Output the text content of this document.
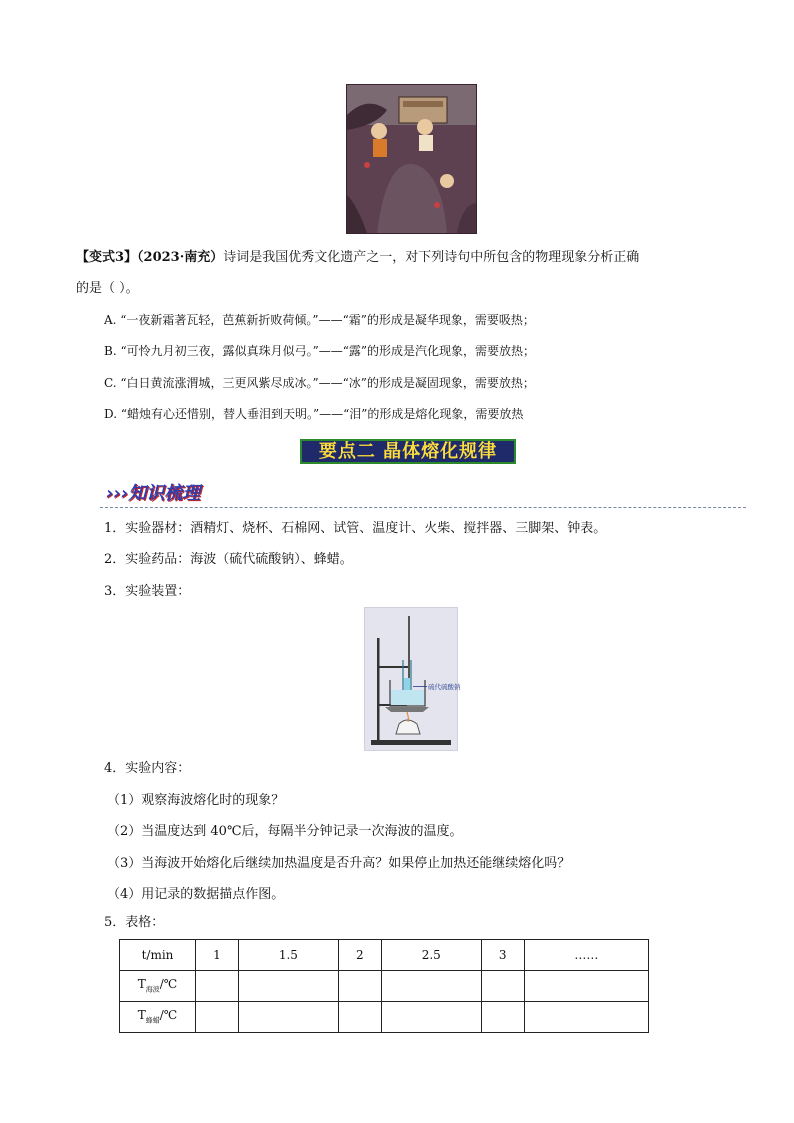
【变式3】（2023·南充）诗词是我国优秀文化遗产之一，对下列诗句中所包含的物理现象分析正确
的是（ ）。
A. “一夜新霜著瓦轻，芭蕉新折败荷倾。”——“霜”的形成是凝华现象，需要吸热；
B. “可怜九月初三夜，露似真珠月似弓。”——“露”的形成是汽化现象，需要放热；
C. “白日黄流涨渭城，三更风紫尽成冰。”——“冰”的形成是凝固现象，需要放热；
D. “蜡烛有心还惜别，替人垂泪到天明。”——“泪”的形成是熔化现象，需要放热
要点二 晶体熔化规律
›››知识梳理
1．实验器材：酒精灯、烧杯、石棉网、试管、温度计、火柴、搅拌器、三脚架、钟表。
2．实验药品：海波（硫代硫酸钠）、蜂蜡。
3．实验装置：
硫代硫酸钠
4．实验内容：
（1）观察海波熔化时的现象？
（2）当温度达到 40℃后，每隔半分钟记录一次海波的温度。
（3）当海波开始熔化后继续加热温度是否升高？如果停止加热还能继续熔化吗？
（4）用记录的数据描点作图。
5．表格：
t/min	1	1.5	2	2.5	3	……
$T_{海波}/℃$						
$T_{蜂蜡}/℃$						
